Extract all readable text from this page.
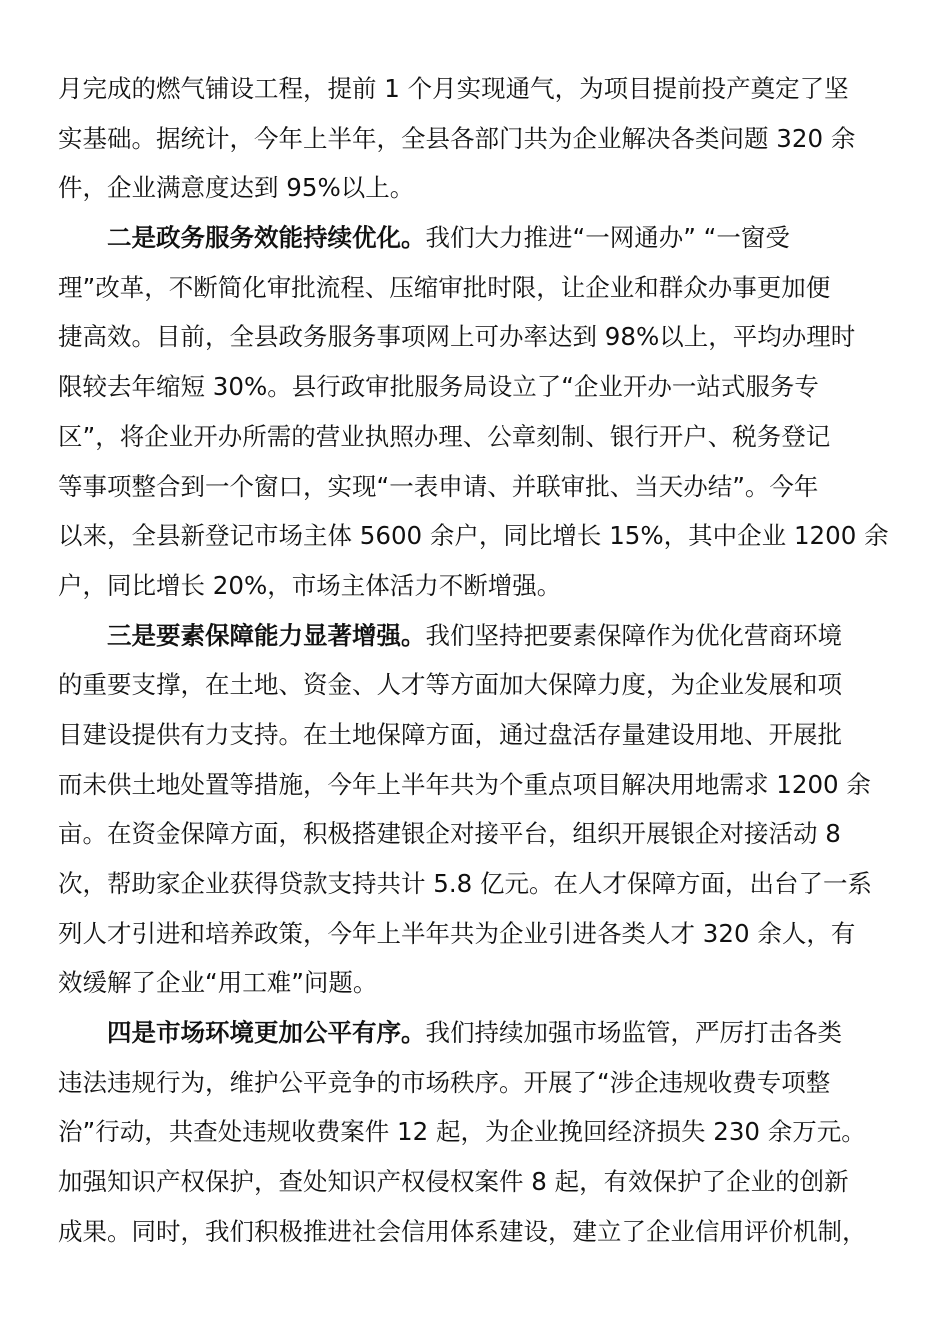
月完成的燃气铺设工程，提前 1 个月实现通气，为项目提前投产奠定了坚
实基础。据统计，今年上半年，全县各部门共为企业解决各类问题 320 余
件，企业满意度达到 95%以上。
二是政务服务效能持续优化。我们大力推进“一网通办” “一窗受
理”改革，不断简化审批流程、压缩审批时限，让企业和群众办事更加便
捷高效。目前，全县政务服务事项网上可办率达到 98%以上，平均办理时
限较去年缩短 30%。县行政审批服务局设立了“企业开办一站式服务专
区”，将企业开办所需的营业执照办理、公章刻制、银行开户、税务登记
等事项整合到一个窗口，实现“一表申请、并联审批、当天办结”。今年
以来，全县新登记市场主体 5600 余户，同比增长 15%，其中企业 1200 余
户，同比增长 20%，市场主体活力不断增强。
三是要素保障能力显著增强。我们坚持把要素保障作为优化营商环境
的重要支撑，在土地、资金、人才等方面加大保障力度，为企业发展和项
目建设提供有力支持。在土地保障方面，通过盘活存量建设用地、开展批
而未供土地处置等措施，今年上半年共为个重点项目解决用地需求 1200 余
亩。在资金保障方面，积极搭建银企对接平台，组织开展银企对接活动 8
次，帮助家企业获得贷款支持共计 5.8 亿元。在人才保障方面，出台了一系
列人才引进和培养政策，今年上半年共为企业引进各类人才 320 余人，有
效缓解了企业“用工难”问题。
四是市场环境更加公平有序。我们持续加强市场监管，严厉打击各类
违法违规行为，维护公平竞争的市场秩序。开展了“涉企违规收费专项整
治”行动，共查处违规收费案件 12 起，为企业挽回经济损失 230 余万元。
加强知识产权保护，查处知识产权侵权案件 8 起，有效保护了企业的创新
成果。同时，我们积极推进社会信用体系建设，建立了企业信用评价机制，
